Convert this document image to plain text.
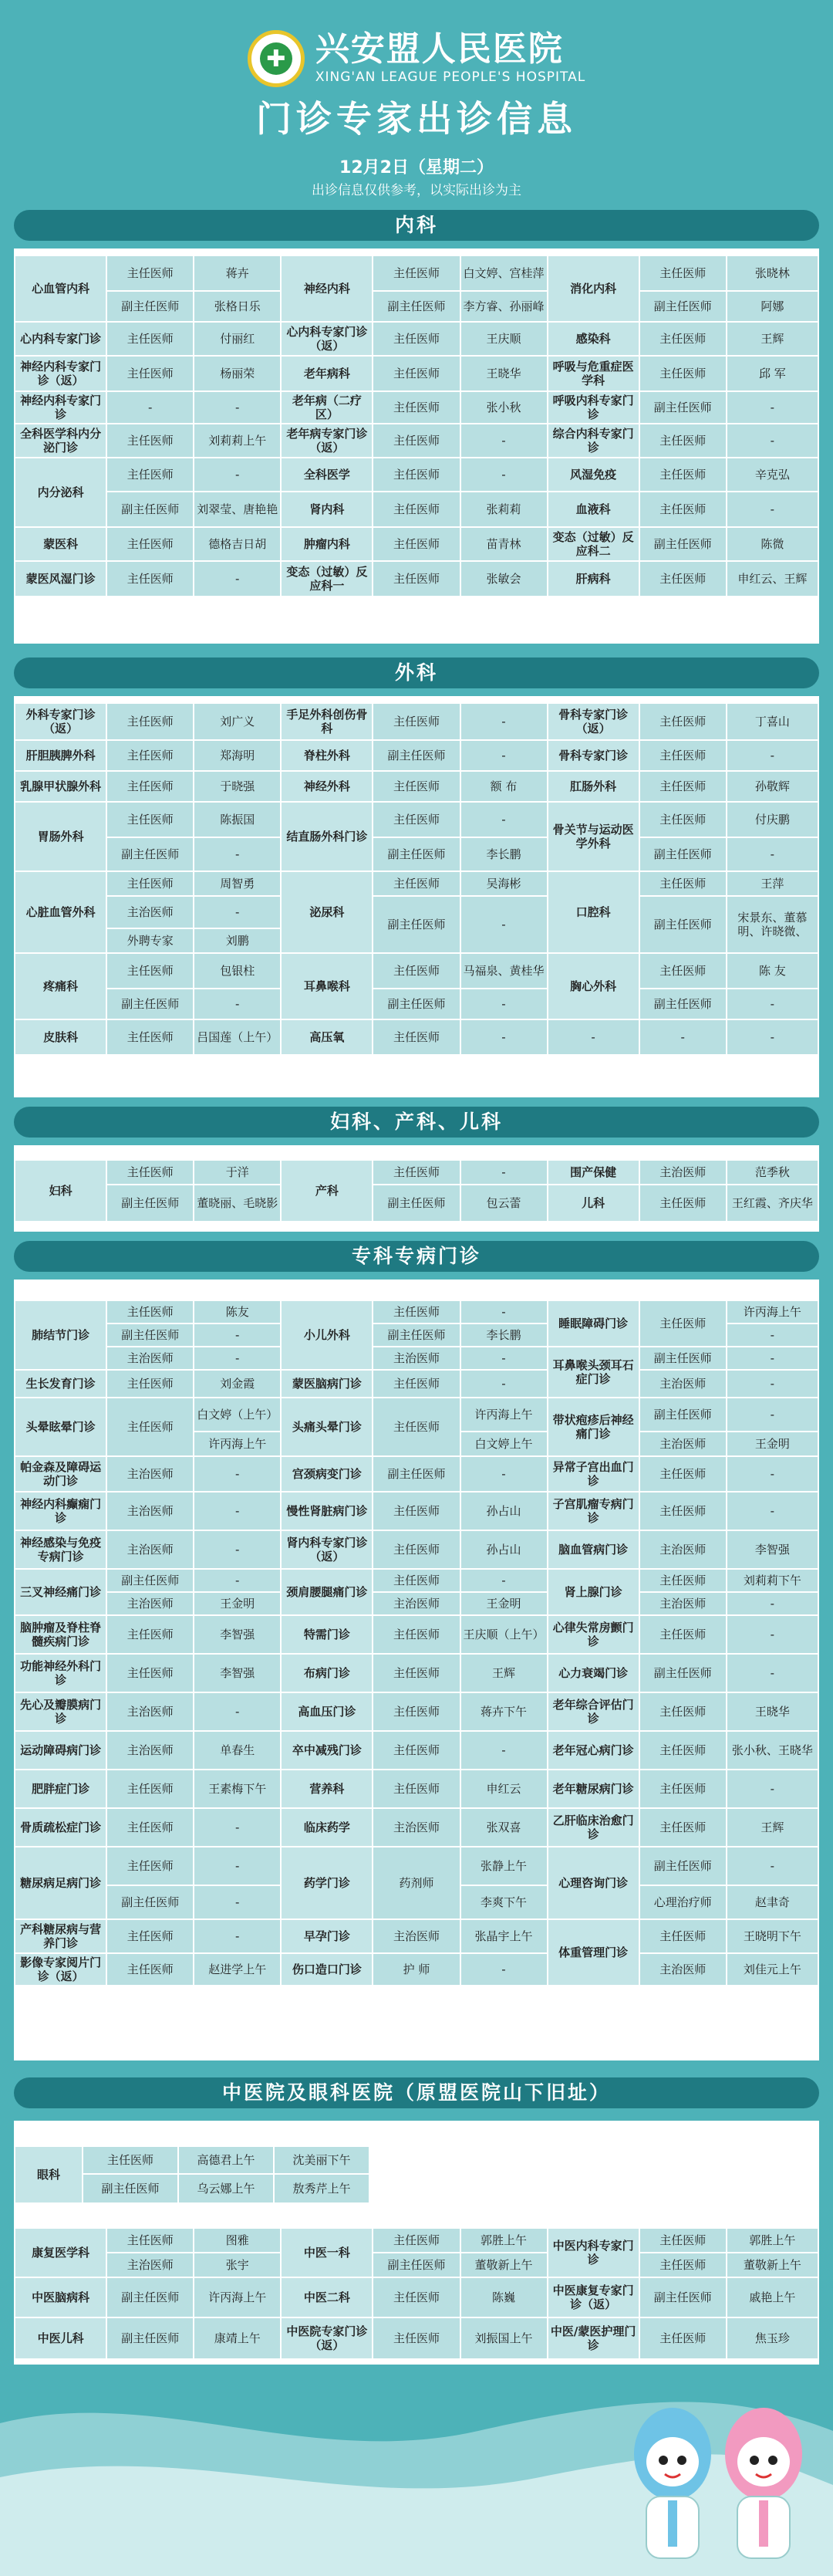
✚ 兴安盟人民医院
XING'AN LEAGUE PEOPLE'S HOSPITAL
门诊专家出诊信息
12月2日（星期二）
出诊信息仅供参考，以实际出诊为主
内科
心血管内科	主任医师	蒋卉	神经内科	主任医师	白文婷、宫桂萍	消化内科	主任医师	张晓林
	副主任医师	张格日乐		副主任医师	李方睿、孙丽峰		副主任医师	阿娜
心内科专家门诊	主任医师	付丽红	心内科专家门诊（返）	主任医师	王庆顺	感染科	主任医师	王辉
神经内科专家门诊（返）	主任医师	杨丽荣	老年病科	主任医师	王晓华	呼吸与危重症医学科	主任医师	邱 军
神经内科专家门诊	-	-	老年病（二疗区）	主任医师	张小秋	呼吸内科专家门诊	副主任医师	-
全科医学科内分泌门诊	主任医师	刘莉莉上午	老年病专家门诊（返）	主任医师	-	综合内科专家门诊	主任医师	-
内分泌科	主任医师	-	全科医学	主任医师	-	风湿免疫	主任医师	辛克弘
	副主任医师	刘翠莹、唐艳艳	肾内科	主任医师	张莉莉	血液科	主任医师	-
蒙医科	主任医师	德格吉日胡	肿瘤内科	主任医师	苗青林	变态（过敏）反应科二	副主任医师	陈微
蒙医风湿门诊	主任医师	-	变态（过敏）反应科一	主任医师	张敏会	肝病科	主任医师	申红云、王辉
外科
外科专家门诊（返）	主任医师	刘广义	手足外科创伤骨科	主任医师	-	骨科专家门诊（返）	主任医师	丁喜山
肝胆胰脾外科	主任医师	郑海明	脊柱外科	副主任医师	-	骨科专家门诊	主任医师	-
乳腺甲状腺外科	主任医师	于晓强	神经外科	主任医师	额 布	肛肠外科	主任医师	孙敬辉
胃肠外科	主任医师	陈振国	结直肠外科门诊	主任医师	-	骨关节与运动医学外科	主任医师	付庆鹏
	副主任医师	-		副主任医师	李长鹏		副主任医师	-
心脏血管外科	主任医师	周智勇	泌尿科	主任医师	吴海彬	口腔科	主任医师	王萍
	主治医师	-		副主任医师	-		副主任医师	宋景东、董慕明、许晓微、
	外聘专家	刘鹏						
疼痛科	主任医师	包银柱	耳鼻喉科	主任医师	马福泉、黄桂华	胸心外科	主任医师	陈 友
	副主任医师	-		副主任医师	-		副主任医师	-
皮肤科	主任医师	吕国莲（上午）	高压氧	主任医师	-	-	-	-
妇科、产科、儿科
妇科	主任医师	于洋	产科	主任医师	-	围产保健	主治医师	范季秋
	副主任医师	董晓丽、毛晓影		副主任医师	包云蕾	儿科	主任医师	王红霞、齐庆华
专科专病门诊
肺结节门诊	主任医师	陈友	小儿外科	主任医师	-	睡眠障碍门诊	主任医师	许丙海上午
	副主任医师	-		副主任医师	李长鹏			-
	主治医师	-		主治医师	-	耳鼻喉头颈耳石症门诊	副主任医师	-
生长发育门诊	主任医师	刘金霞	蒙医脑病门诊	主任医师	-		主治医师	-
头晕眩晕门诊	主任医师	白文婷（上午）	头痛头晕门诊	主任医师	许丙海上午	带状疱疹后神经痛门诊	副主任医师	-
		许丙海上午			白文婷上午		主治医师	王金明
帕金森及障碍运动门诊	主治医师	-	宫颈病变门诊	副主任医师	-	异常子宫出血门诊	主任医师	-
神经内科癫痫门诊	主治医师	-	慢性肾脏病门诊	主任医师	孙占山	子宫肌瘤专病门诊	主任医师	-
神经感染与免疫专病门诊	主治医师	-	肾内科专家门诊（返）	主任医师	孙占山	脑血管病门诊	主治医师	李智强
三叉神经痛门诊	副主任医师	-	颈肩腰腿痛门诊	主任医师	-	肾上腺门诊	主任医师	刘莉莉下午
	主治医师	王金明		主治医师	王金明		主治医师	-
脑肿瘤及脊柱脊髓疾病门诊	主任医师	李智强	特需门诊	主任医师	王庆顺（上午）	心律失常房颤门诊	主任医师	-
功能神经外科门诊	主任医师	李智强	布病门诊	主任医师	王辉	心力衰竭门诊	副主任医师	-
先心及瓣膜病门诊	主治医师	-	高血压门诊	主任医师	蒋卉下午	老年综合评估门诊	主任医师	王晓华
运动障碍病门诊	主治医师	单春生	卒中减残门诊	主任医师	-	老年冠心病门诊	主任医师	张小秋、王晓华
肥胖症门诊	主任医师	王素梅下午	营养科	主任医师	申红云	老年糖尿病门诊	主任医师	-
骨质疏松症门诊	主任医师	-	临床药学	主治医师	张双喜	乙肝临床治愈门诊	主任医师	王辉
糖尿病足病门诊	主任医师	-	药学门诊	药剂师	张静上午	心理咨询门诊	副主任医师	-
	副主任医师	-			李爽下午		心理治疗师	赵聿奇
产科糖尿病与营养门诊	主任医师	-	早孕门诊	主治医师	张晶宇上午	体重管理门诊	主任医师	王晓明下午
影像专家阅片门诊（返）	主任医师	赵进学上午	伤口造口门诊	护 师	-		主治医师	刘佳元上午
中医院及眼科医院（原盟医院山下旧址）
眼科	主任医师	高德君上午	沈美丽下午
	副主任医师	乌云娜上午	敖秀芹上午
康复医学科	主任医师	图雅	中医一科	主任医师	郭胜上午	中医内科专家门诊	主任医师	郭胜上午
	主治医师	张宇		副主任医师	董敬新上午		主任医师	董敬新上午
中医脑病科	副主任医师	许丙海上午	中医二科	主任医师	陈巍	中医康复专家门诊（返）	副主任医师	戚艳上午
中医儿科	副主任医师	康靖上午	中医院专家门诊（返）	主任医师	刘振国上午	中医/蒙医护理门诊	主任医师	焦玉珍
